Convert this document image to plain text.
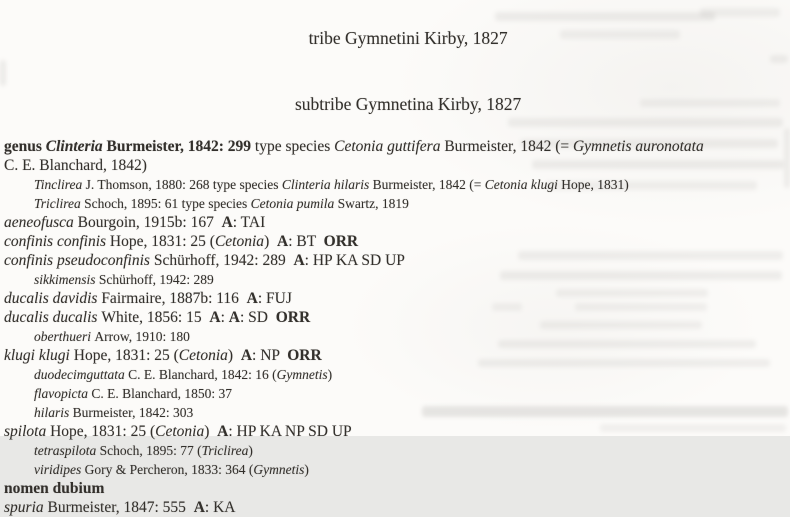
tribe Gymnetini Kirby, 1827

subtribe Gymnetina Kirby, 1827

genus Clinteria Burmeister, 1842: 299 type species Cetonia guttifera Burmeister, 1842 (= Gymnetis auronotata
C. E. Blanchard, 1842)
Tinclirea J. Thomson, 1880: 268 type species Clinteria hilaris Burmeister, 1842 (= Cetonia klugi Hope, 1831)
Triclirea Schoch, 1895: 61 type species Cetonia pumila Swartz, 1819
aeneofusca Bourgoin, 1915b: 167  A: TAI
confinis confinis Hope, 1831: 25 (Cetonia)  A: BT  ORR
confinis pseudoconfinis Schürhoff, 1942: 289  A: HP KA SD UP
sikkimensis Schürhoff, 1942: 289
ducalis davidis Fairmaire, 1887b: 116  A: FUJ
ducalis ducalis White, 1856: 15  A: A: SD  ORR
oberthueri Arrow, 1910: 180
klugi klugi Hope, 1831: 25 (Cetonia)  A: NP  ORR
duodecimguttata C. E. Blanchard, 1842: 16 (Gymnetis)
flavopicta C. E. Blanchard, 1850: 37
hilaris Burmeister, 1842: 303
spilota Hope, 1831: 25 (Cetonia)  A: HP KA NP SD UP
tetraspilota Schoch, 1895: 77 (Triclirea)
viridipes Gory & Percheron, 1833: 364 (Gymnetis)
nomen dubium
spuria Burmeister, 1847: 555  A: KA
